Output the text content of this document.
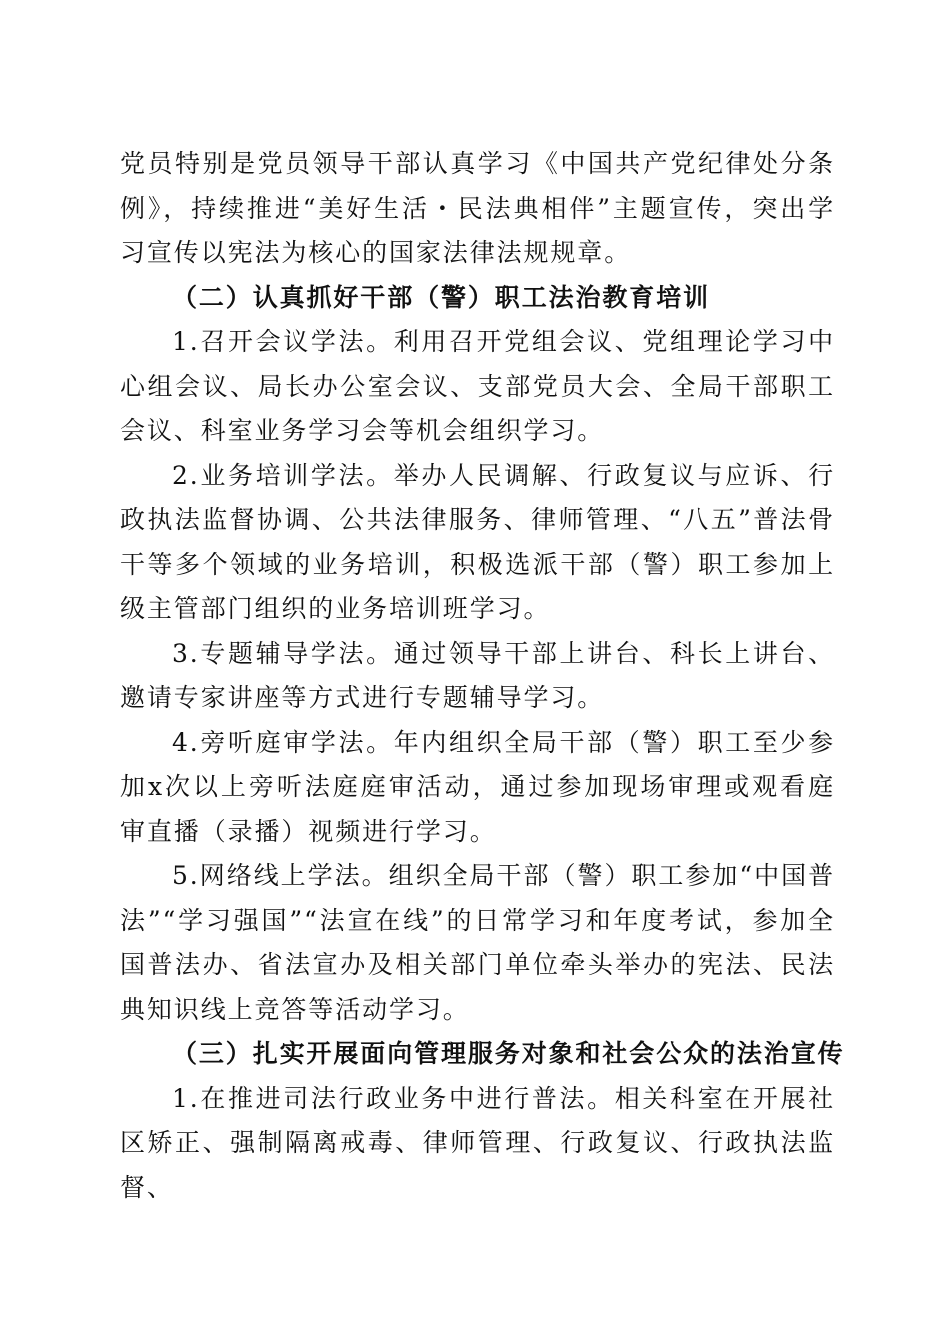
党员特别是党员领导干部认真学习《中国共产党纪律处分条例》，持续推进“美好生活・民法典相伴”主题宣传，突出学习宣传以宪法为核心的国家法律法规规章。

（二）认真抓好干部（警）职工法治教育培训

1.召开会议学法。利用召开党组会议、党组理论学习中心组会议、局长办公室会议、支部党员大会、全局干部职工会议、科室业务学习会等机会组织学习。

2.业务培训学法。举办人民调解、行政复议与应诉、行政执法监督协调、公共法律服务、律师管理、“八五”普法骨干等多个领域的业务培训，积极选派干部（警）职工参加上级主管部门组织的业务培训班学习。

3.专题辅导学法。通过领导干部上讲台、科长上讲台、邀请专家讲座等方式进行专题辅导学习。

4.旁听庭审学法。年内组织全局干部（警）职工至少参加x次以上旁听法庭庭审活动，通过参加现场审理或观看庭审直播（录播）视频进行学习。

5.网络线上学法。组织全局干部（警）职工参加“中国普法”“学习强国”“法宣在线”的日常学习和年度考试，参加全国普法办、省法宣办及相关部门单位牵头举办的宪法、民法典知识线上竞答等活动学习。

（三）扎实开展面向管理服务对象和社会公众的法治宣传

1.在推进司法行政业务中进行普法。相关科室在开展社区矫正、强制隔离戒毒、律师管理、行政复议、行政执法监督、
